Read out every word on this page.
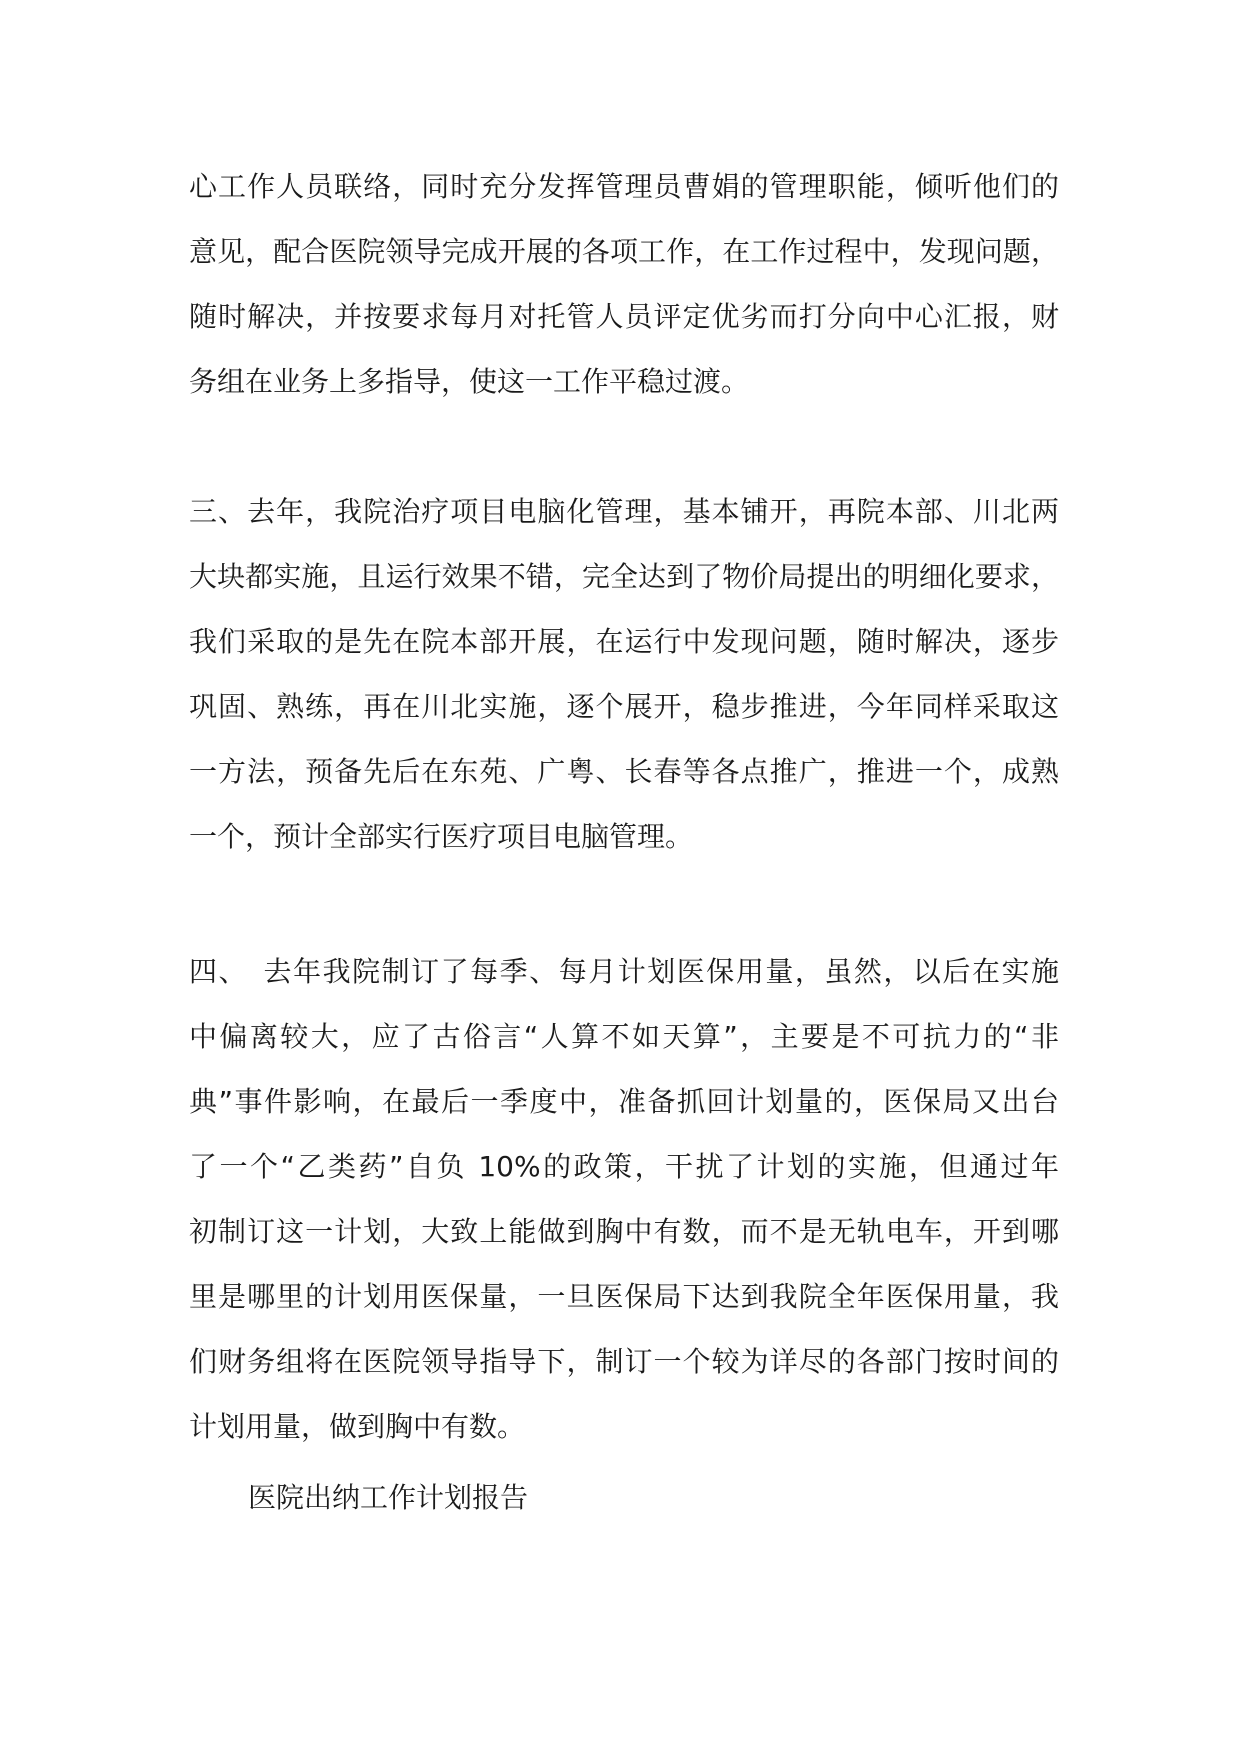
心工作人员联络，同时充分发挥管理员曹娟的管理职能，倾听他们的
意见，配合医院领导完成开展的各项工作，在工作过程中，发现问题，
随时解决，并按要求每月对托管人员评定优劣而打分向中心汇报，财
务组在业务上多指导，使这一工作平稳过渡。

三、去年，我院治疗项目电脑化管理，基本铺开，再院本部、川北两
大块都实施，且运行效果不错，完全达到了物价局提出的明细化要求，
我们采取的是先在院本部开展，在运行中发现问题，随时解决，逐步
巩固、熟练，再在川北实施，逐个展开，稳步推进，今年同样采取这
一方法，预备先后在东苑、广粤、长春等各点推广，推进一个，成熟
一个，预计全部实行医疗项目电脑管理。

四、　去年我院制订了每季、每月计划医保用量，虽然，以后在实施
中偏离较大，应了古俗言“人算不如天算”，主要是不可抗力的“非
典”事件影响，在最后一季度中，准备抓回计划量的，医保局又出台
了一个“乙类药”自负 10%的政策，干扰了计划的实施，但通过年
初制订这一计划，大致上能做到胸中有数，而不是无轨电车，开到哪
里是哪里的计划用医保量，一旦医保局下达到我院全年医保用量，我
们财务组将在医院领导指导下，制订一个较为详尽的各部门按时间的
计划用量，做到胸中有数。

医院出纳工作计划报告
